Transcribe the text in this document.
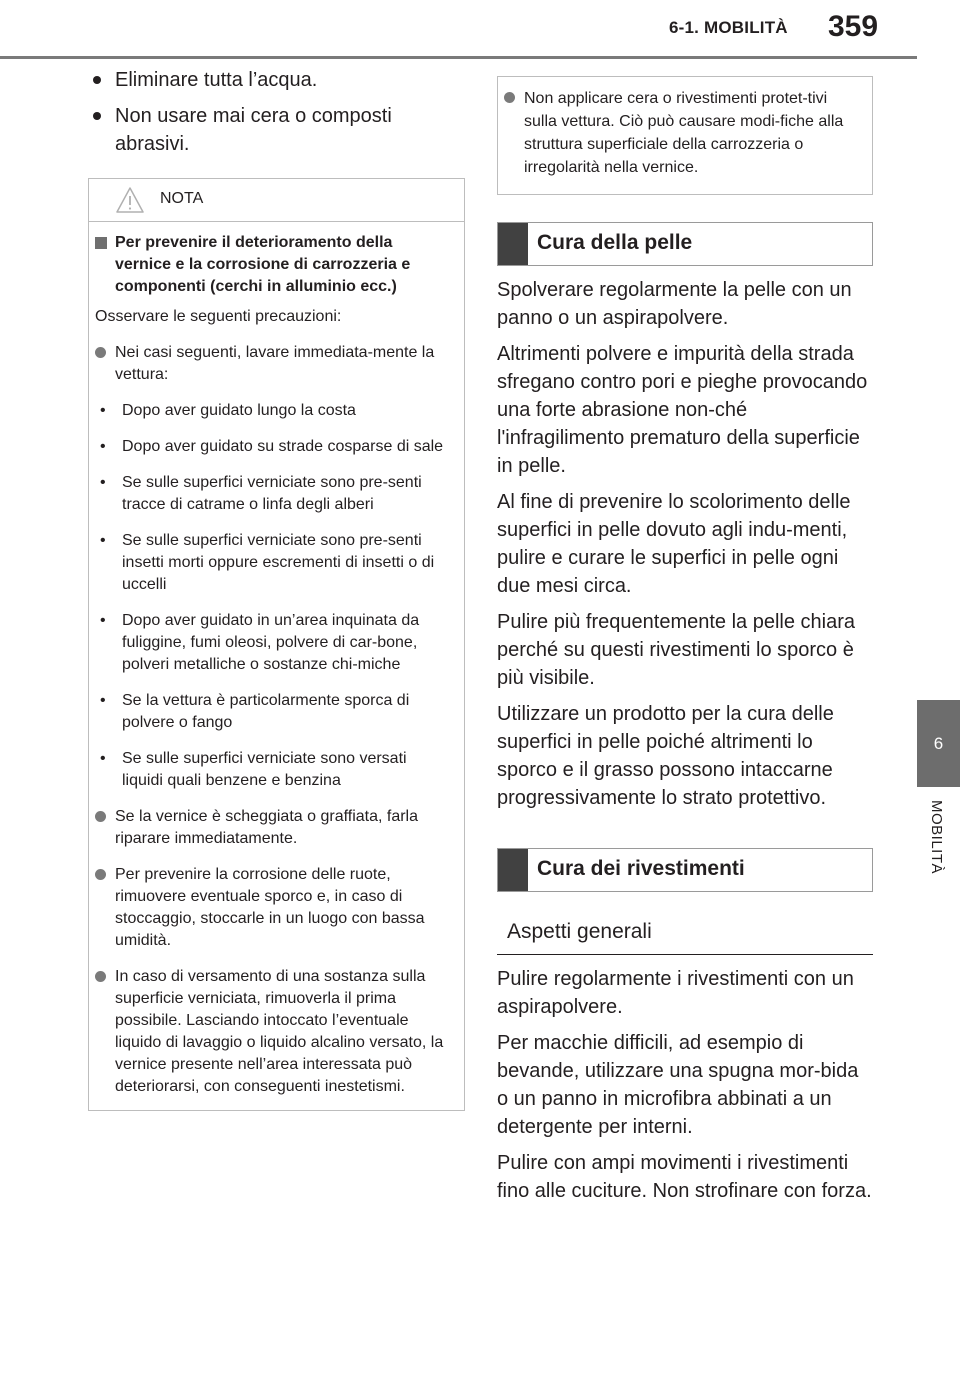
6-1. MOBILITÀ 359
6
MOBILITÀ
Eliminare tutta l’acqua.
Non usare mai cera o composti abrasivi.
NOTA
Per prevenire il deterioramento della vernice e la corrosione di carrozzeria e componenti (cerchi in alluminio ecc.)
Osservare le seguenti precauzioni:
Nei casi seguenti, lavare immediata-mente la vettura:
•	Dopo aver guidato lungo la costa
•	Dopo aver guidato su strade cosparse di sale
•	Se sulle superfici verniciate sono pre-senti tracce di catrame o linfa degli alberi
•	Se sulle superfici verniciate sono pre-senti insetti morti oppure escrementi di insetti o di uccelli
•	Dopo aver guidato in un’area inquinata da fuliggine, fumi oleosi, polvere di car-bone, polveri metalliche o sostanze chi-miche
•	Se la vettura è particolarmente sporca di polvere o fango
•	Se sulle superfici verniciate sono versati liquidi quali benzene e benzina
Se la vernice è scheggiata o graffiata, farla riparare immediatamente.
Per prevenire la corrosione delle ruote, rimuovere eventuale sporco e, in caso di stoccaggio, stoccarle in un luogo con bassa umidità.
In caso di versamento di una sostanza sulla superficie verniciata, rimuoverla il prima possibile. Lasciando intoccato l’eventuale liquido di lavaggio o liquido alcalino versato, la vernice presente nell’area interessata può deteriorarsi, con conseguenti inestetismi.
Non applicare cera o rivestimenti protet-tivi sulla vettura. Ciò può causare modi-fiche alla struttura superficiale della carrozzeria o irregolarità nella vernice.
Cura della pelle
Spolverare regolarmente la pelle con un panno o un aspirapolvere.
Altrimenti polvere e impurità della strada sfregano contro pori e pieghe provocando una forte abrasione non-ché l'infragilimento prematuro della superficie in pelle.
Al fine di prevenire lo scolorimento delle superfici in pelle dovuto agli indu-menti, pulire e curare le superfici in pelle ogni due mesi circa.
Pulire più frequentemente la pelle chiara perché su questi rivestimenti lo sporco è più visibile.
Utilizzare un prodotto per la cura delle superfici in pelle poiché altrimenti lo sporco e il grasso possono intaccarne progressivamente lo strato protettivo.
Cura dei rivestimenti
Aspetti generali
Pulire regolarmente i rivestimenti con un aspirapolvere.
Per macchie difficili, ad esempio di bevande, utilizzare una spugna mor-bida o un panno in microfibra abbinati a un detergente per interni.
Pulire con ampi movimenti i rivestimenti fino alle cuciture. Non strofinare con forza.
